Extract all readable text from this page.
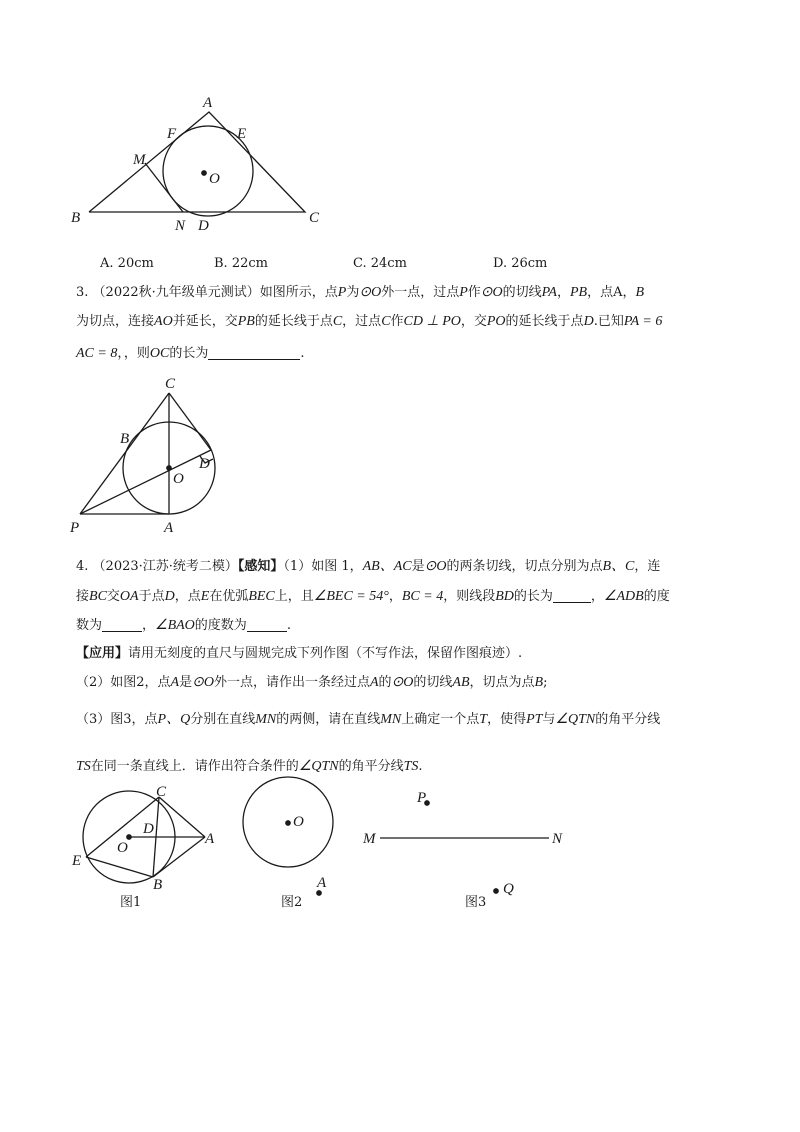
A
F	E
M
O
B	N D	C
C
B
D
O
P	A
C
D
O
A
E
B
图1
O
A
图2
P
M	N
Q
图3
A. 20cm	B. 22cm	C. 24cm	D. 26cm
3. （2022秋·九年级单元测试）如图所示，点P为⊙O外一点，过点P作⊙O的切线PA，PB，点A，B
为切点，连接AO并延长，交PB的延长线于点C，过点C作CD ⊥ PO，交PO的延长线于点D.已知PA = 6
AC = 8，，则OC的长为	.
4. （2023·江苏·统考二模）【感知】（1）如图 1，AB、AC是⊙O的两条切线，切点分别为点B、C，连
接BC交OA于点D，点E在优弧BEC上，且∠BEC = 54°，BC = 4，则线段BD的长为	，∠ADB的度
数为	，∠BAO的度数为	.
【应用】请用无刻度的直尺与圆规完成下列作图（不写作法，保留作图痕迹）.
（2）如图2，点A是⊙O外一点，请作出一条经过点A的⊙O的切线AB，切点为点B;
（3）图3，点P、Q分别在直线MN的两侧，请在直线MN上确定一个点T，使得PT与∠QTN的角平分线
TS在同一条直线上．请作出符合条件的∠QTN的角平分线TS.
